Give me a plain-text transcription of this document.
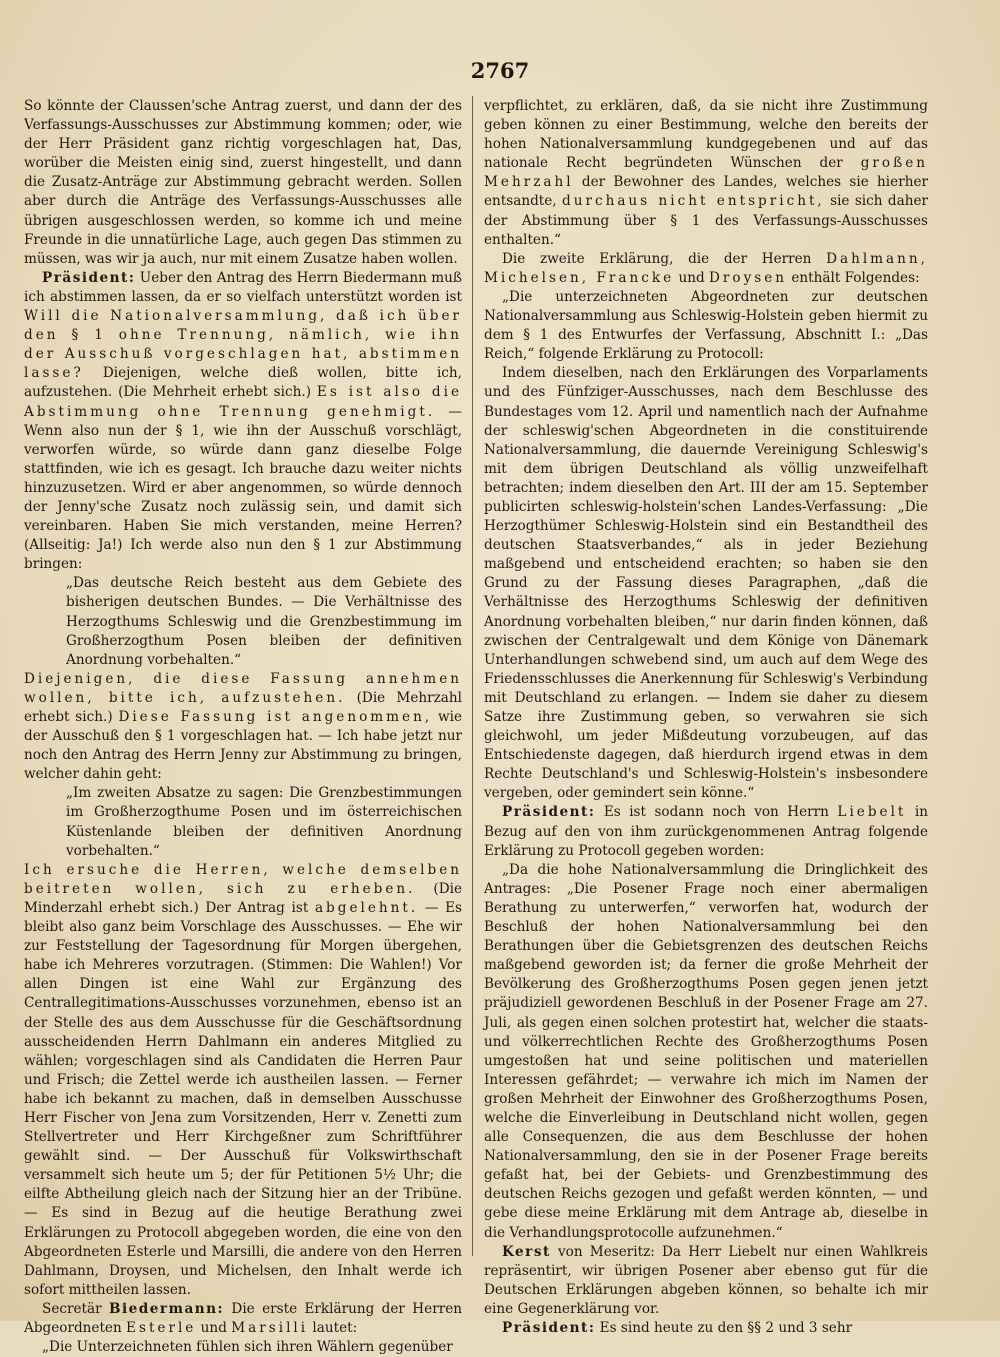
2767

So könnte der Claussen'sche Antrag zuerst, und dann der des Verfassungs-Ausschusses zur Abstimmung kommen; oder, wie der Herr Präsident ganz richtig vorgeschlagen hat, Das, worüber die Meisten einig sind, zuerst hingestellt, und dann die Zusatz-Anträge zur Abstimmung gebracht werden. Sollen aber durch die Anträge des Verfassungs-Ausschusses alle übrigen ausgeschlossen werden, so komme ich und meine Freunde in die unnatürliche Lage, auch gegen Das stimmen zu müssen, was wir ja auch, nur mit einem Zusatze haben wollen.

Präsident: Ueber den Antrag des Herrn Biedermann muß ich abstimmen lassen, da er so vielfach unterstützt worden ist Will die Nationalversammlung, daß ich über den § 1 ohne Trennung, nämlich, wie ihn der Ausschuß vorgeschlagen hat, abstimmen lasse? Diejenigen, welche dieß wollen, bitte ich, aufzustehen. (Die Mehrheit erhebt sich.) Es ist also die Abstimmung ohne Trennung genehmigt. — Wenn also nun der § 1, wie ihn der Ausschuß vorschlägt, verworfen würde, so würde dann ganz dieselbe Folge stattfinden, wie ich es gesagt. Ich brauche dazu weiter nichts hinzuzusetzen. Wird er aber angenommen, so würde dennoch der Jenny'sche Zusatz noch zulässig sein, und damit sich vereinbaren. Haben Sie mich verstanden, meine Herren? (Allseitig: Ja!) Ich werde also nun den § 1 zur Abstimmung bringen:

„Das deutsche Reich besteht aus dem Gebiete des bisherigen deutschen Bundes. — Die Verhältnisse des Herzogthums Schleswig und die Grenzbestimmung im Großherzogthum Posen bleiben der definitiven Anordnung vorbehalten.“

Diejenigen, die diese Fassung annehmen wollen, bitte ich, aufzustehen. (Die Mehrzahl erhebt sich.) Diese Fassung ist angenommen, wie der Ausschuß den § 1 vorgeschlagen hat. — Ich habe jetzt nur noch den Antrag des Herrn Jenny zur Abstimmung zu bringen, welcher dahin geht:

„Im zweiten Absatze zu sagen: Die Grenzbestimmungen im Großherzogthume Posen und im österreichischen Küstenlande bleiben der definitiven Anordnung vorbehalten.“

Ich ersuche die Herren, welche demselben beitreten wollen, sich zu erheben. (Die Minderzahl erhebt sich.) Der Antrag ist abgelehnt. — Es bleibt also ganz beim Vorschlage des Ausschusses. — Ehe wir zur Feststellung der Tagesordnung für Morgen übergehen, habe ich Mehreres vorzutragen. (Stimmen: Die Wahlen!) Vor allen Dingen ist eine Wahl zur Ergänzung des Centrallegitimations-Ausschusses vorzunehmen, ebenso ist an der Stelle des aus dem Ausschusse für die Geschäftsordnung ausscheidenden Herrn Dahlmann ein anderes Mitglied zu wählen; vorgeschlagen sind als Candidaten die Herren Paur und Frisch; die Zettel werde ich austheilen lassen. — Ferner habe ich bekannt zu machen, daß in demselben Ausschusse Herr Fischer von Jena zum Vorsitzenden, Herr v. Zenetti zum Stellvertreter und Herr Kirchgeßner zum Schriftführer gewählt sind. — Der Ausschuß für Volkswirthschaft versammelt sich heute um 5; der für Petitionen 5½ Uhr; die eilfte Abtheilung gleich nach der Sitzung hier an der Tribüne. — Es sind in Bezug auf die heutige Berathung zwei Erklärungen zu Protocoll abgegeben worden, die eine von den Abgeordneten Esterle und Marsilli, die andere von den Herren Dahlmann, Droysen, und Michelsen, den Inhalt werde ich sofort mittheilen lassen.

Secretär Biedermann: Die erste Erklärung der Herren Abgeordneten Esterle und Marsilli lautet:

„Die Unterzeichneten fühlen sich ihren Wählern gegenüber

verpflichtet, zu erklären, daß, da sie nicht ihre Zustimmung geben können zu einer Bestimmung, welche den bereits der hohen Nationalversammlung kundgegebenen und auf das nationale Recht begründeten Wünschen der großen Mehrzahl der Bewohner des Landes, welches sie hierher entsandte, durchaus nicht entspricht, sie sich daher der Abstimmung über § 1 des Verfassungs-Ausschusses enthalten.“

Die zweite Erklärung, die der Herren Dahlmann, Michelsen, Francke und Droysen enthält Folgendes:

„Die unterzeichneten Abgeordneten zur deutschen Nationalversammlung aus Schleswig-Holstein geben hiermit zu dem § 1 des Entwurfes der Verfassung, Abschnitt I.: „Das Reich,“ folgende Erklärung zu Protocoll:

Indem dieselben, nach den Erklärungen des Vorparlaments und des Fünfziger-Ausschusses, nach dem Beschlusse des Bundestages vom 12. April und namentlich nach der Aufnahme der schleswig'schen Abgeordneten in die constituirende Nationalversammlung, die dauernde Vereinigung Schleswig's mit dem übrigen Deutschland als völlig unzweifelhaft betrachten; indem dieselben den Art. III der am 15. September publicirten schleswig-holstein'schen Landes-Verfassung: „Die Herzogthümer Schleswig-Holstein sind ein Bestandtheil des deutschen Staatsverbandes,“ als in jeder Beziehung maßgebend und entscheidend erachten; so haben sie den Grund zu der Fassung dieses Paragraphen, „daß die Verhältnisse des Herzogthums Schleswig der definitiven Anordnung vorbehalten bleiben,“ nur darin finden können, daß zwischen der Centralgewalt und dem Könige von Dänemark Unterhandlungen schwebend sind, um auch auf dem Wege des Friedensschlusses die Anerkennung für Schleswig's Verbindung mit Deutschland zu erlangen. — Indem sie daher zu diesem Satze ihre Zustimmung geben, so verwahren sie sich gleichwohl, um jeder Mißdeutung vorzubeugen, auf das Entschiedenste dagegen, daß hierdurch irgend etwas in dem Rechte Deutschland's und Schleswig-Holstein's insbesondere vergeben, oder gemindert sein könne.“

Präsident: Es ist sodann noch von Herrn Liebelt in Bezug auf den von ihm zurückgenommenen Antrag folgende Erklärung zu Protocoll gegeben worden:

„Da die hohe Nationalversammlung die Dringlichkeit des Antrages: „Die Posener Frage noch einer abermaligen Berathung zu unterwerfen,“ verworfen hat, wodurch der Beschluß der hohen Nationalversammlung bei den Berathungen über die Gebietsgrenzen des deutschen Reichs maßgebend geworden ist; da ferner die große Mehrheit der Bevölkerung des Großherzogthums Posen gegen jenen jetzt präjudiziell gewordenen Beschluß in der Posener Frage am 27. Juli, als gegen einen solchen protestirt hat, welcher die staats- und völkerrechtlichen Rechte des Großherzogthums Posen umgestoßen hat und seine politischen und materiellen Interessen gefährdet; — verwahre ich mich im Namen der großen Mehrheit der Einwohner des Großherzogthums Posen, welche die Einverleibung in Deutschland nicht wollen, gegen alle Consequenzen, die aus dem Beschlusse der hohen Nationalversammlung, den sie in der Posener Frage bereits gefaßt hat, bei der Gebiets- und Grenzbestimmung des deutschen Reichs gezogen und gefaßt werden könnten, — und gebe diese meine Erklärung mit dem Antrage ab, dieselbe in die Verhandlungsprotocolle aufzunehmen.“

Kerst von Meseritz: Da Herr Liebelt nur einen Wahlkreis repräsentirt, wir übrigen Posener aber ebenso gut für die Deutschen Erklärungen abgeben können, so behalte ich mir eine Gegenerklärung vor.

Präsident: Es sind heute zu den §§ 2 und 3 sehr
